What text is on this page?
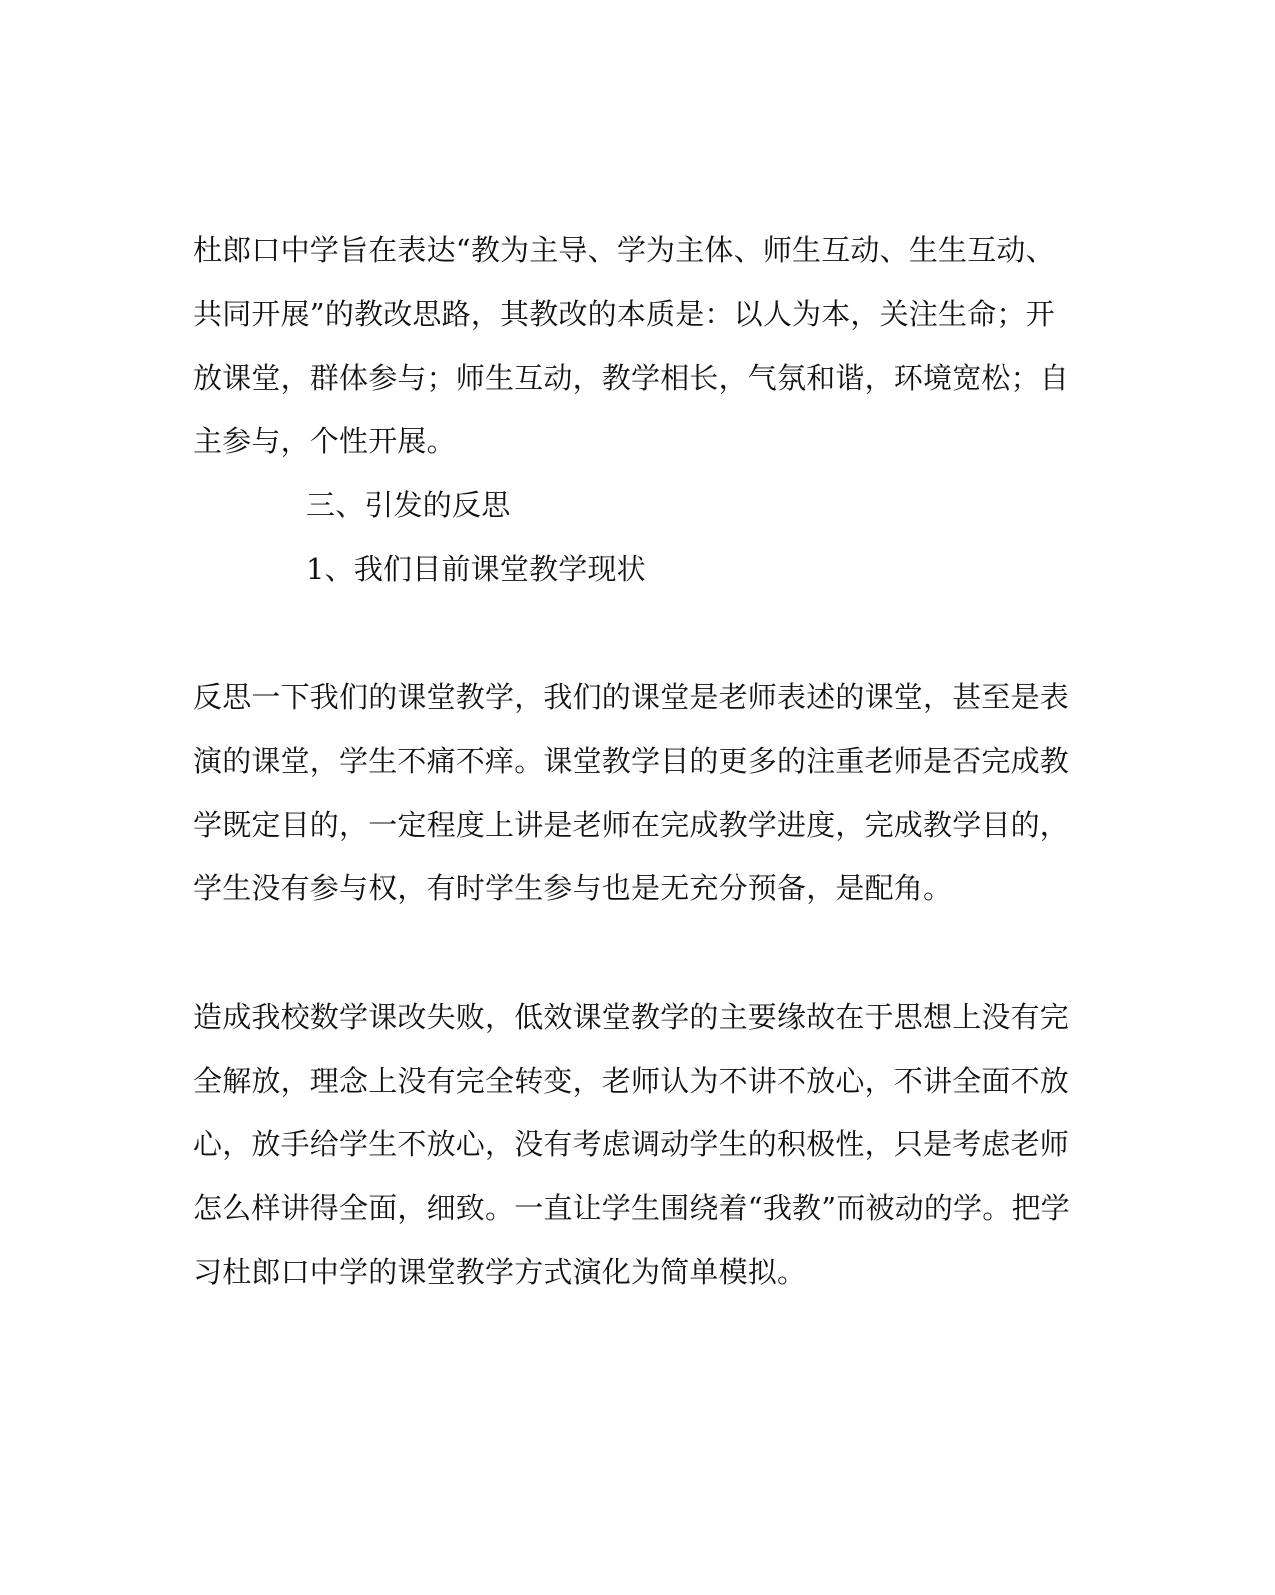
杜郎口中学旨在表达“教为主导、学为主体、师生互动、生生互动、
共同开展”的教改思路，其教改的本质是：以人为本，关注生命；开
放课堂，群体参与；师生互动，教学相长，气氛和谐，环境宽松；自
主参与，个性开展。
三、引发的反思
1、我们目前课堂教学现状
反思一下我们的课堂教学，我们的课堂是老师表述的课堂，甚至是表
演的课堂，学生不痛不痒。课堂教学目的更多的注重老师是否完成教
学既定目的，一定程度上讲是老师在完成教学进度，完成教学目的，
学生没有参与权，有时学生参与也是无充分预备，是配角。
造成我校数学课改失败，低效课堂教学的主要缘故在于思想上没有完
全解放，理念上没有完全转变，老师认为不讲不放心，不讲全面不放
心，放手给学生不放心，没有考虑调动学生的积极性，只是考虑老师
怎么样讲得全面，细致。一直让学生围绕着“我教”而被动的学。把学
习杜郎口中学的课堂教学方式演化为简单模拟。
